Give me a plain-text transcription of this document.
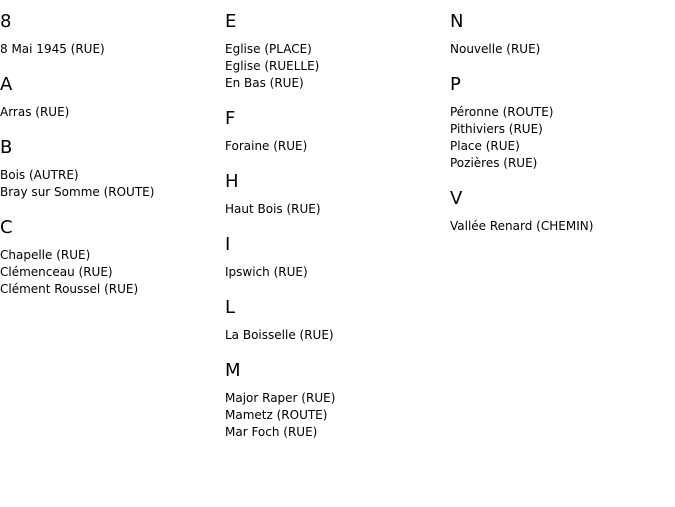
8
8 Mai 1945 (RUE)
A
Arras (RUE)
B
Bois (AUTRE)
Bray sur Somme (ROUTE)
C
Chapelle (RUE)
Clémenceau (RUE)
Clément Roussel (RUE)
E
Eglise (PLACE)
Eglise (RUELLE)
En Bas (RUE)
F
Foraine (RUE)
H
Haut Bois (RUE)
I
Ipswich (RUE)
L
La Boisselle (RUE)
M
Major Raper (RUE)
Mametz (ROUTE)
Mar Foch (RUE)
N
Nouvelle (RUE)
P
Péronne (ROUTE)
Pithiviers (RUE)
Place (RUE)
Pozières (RUE)
V
Vallée Renard (CHEMIN)
